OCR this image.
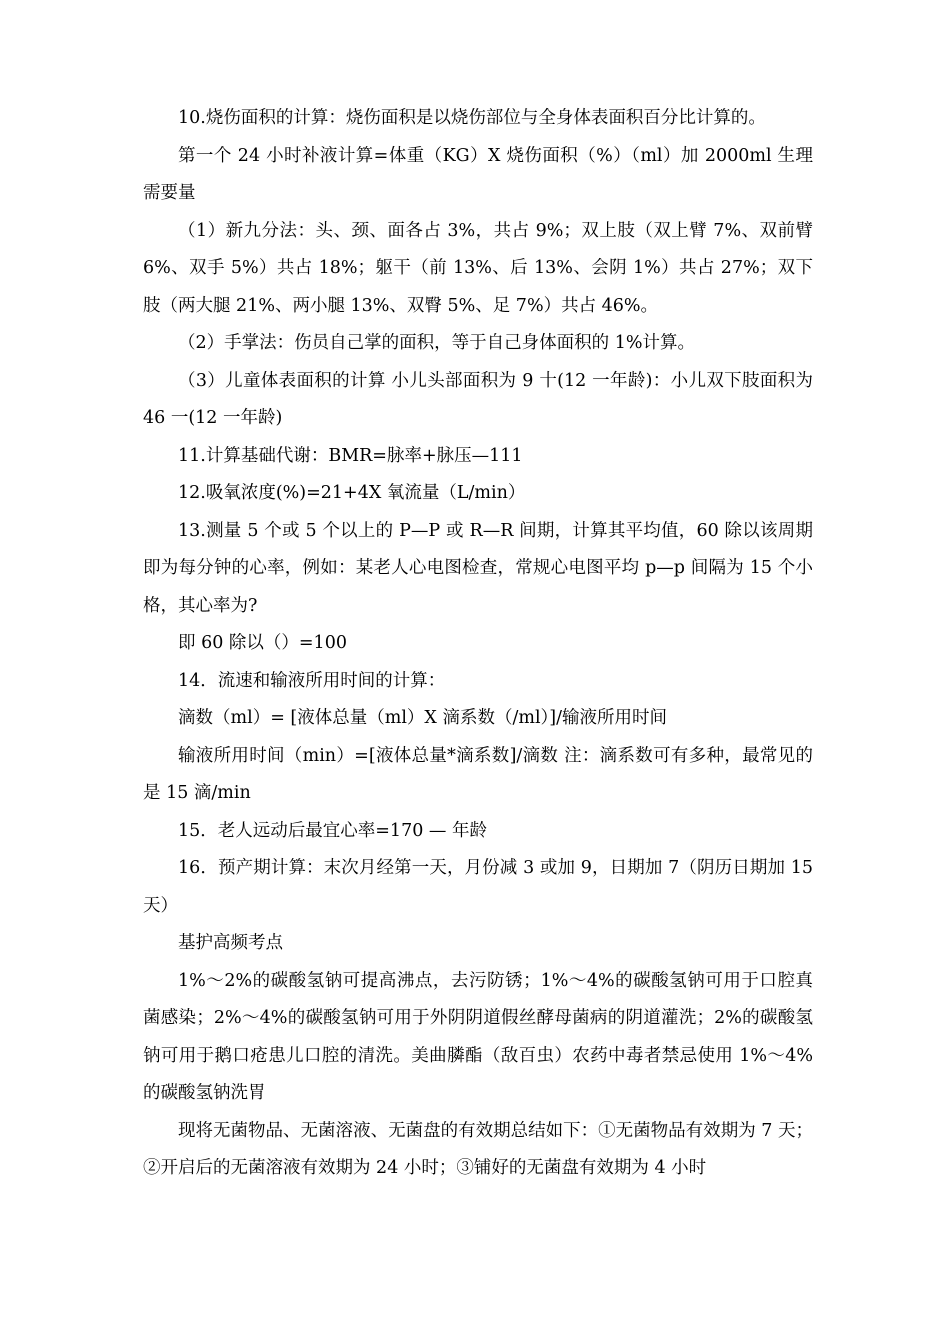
10.烧伤面积的计算：烧伤面积是以烧伤部位与全身体表面积百分比计算的。

第一个 24 小时补液计算=体重（KG）X 烧伤面积（%）（ml）加 2000ml 生理需要量

（1）新九分法：头、颈、面各占 3%，共占 9%；双上肢（双上臂 7%、双前臂 6%、双手 5%）共占 18%；躯干（前 13%、后 13%、会阴 1%）共占 27%；双下肢（两大腿 21%、两小腿 13%、双臀 5%、足 7%）共占 46%。

（2）手掌法：伤员自己掌的面积，等于自己身体面积的 1%计算。

（3）儿童体表面积的计算 小儿头部面积为 9 十(12 一年龄)：小儿双下肢面积为 46 一(12 一年龄)

11.计算基础代谢：BMR=脉率+脉压—111

12.吸氧浓度(%)=21+4X 氧流量（L/min）

13.测量 5 个或 5 个以上的 P—P 或 R—R 间期，计算其平均值，60 除以该周期即为每分钟的心率，例如：某老人心电图检查，常规心电图平均 p—p 间隔为 15 个小格，其心率为?

即 60 除以（）=100

14．流速和输液所用时间的计算：

滴数（ml）= [液体总量（ml）X 滴系数（/ml）]/输液所用时间

输液所用时间（min）=[液体总量*滴系数]/滴数 注：滴系数可有多种，最常见的是 15 滴/min

15．老人远动后最宜心率=170 — 年龄

16．预产期计算：末次月经第一天，月份减 3 或加 9，日期加 7（阴历日期加 15 天）

基护高频考点

1%～2%的碳酸氢钠可提高沸点，去污防锈；1%～4%的碳酸氢钠可用于口腔真菌感染；2%～4%的碳酸氢钠可用于外阴阴道假丝酵母菌病的阴道灌洗；2%的碳酸氢钠可用于鹅口疮患儿口腔的清洗。美曲膦酯（敌百虫）农药中毒者禁忌使用 1%～4%的碳酸氢钠洗胃

现将无菌物品、无菌溶液、无菌盘的有效期总结如下：①无菌物品有效期为 7 天；②开启后的无菌溶液有效期为 24 小时；③铺好的无菌盘有效期为 4 小时
